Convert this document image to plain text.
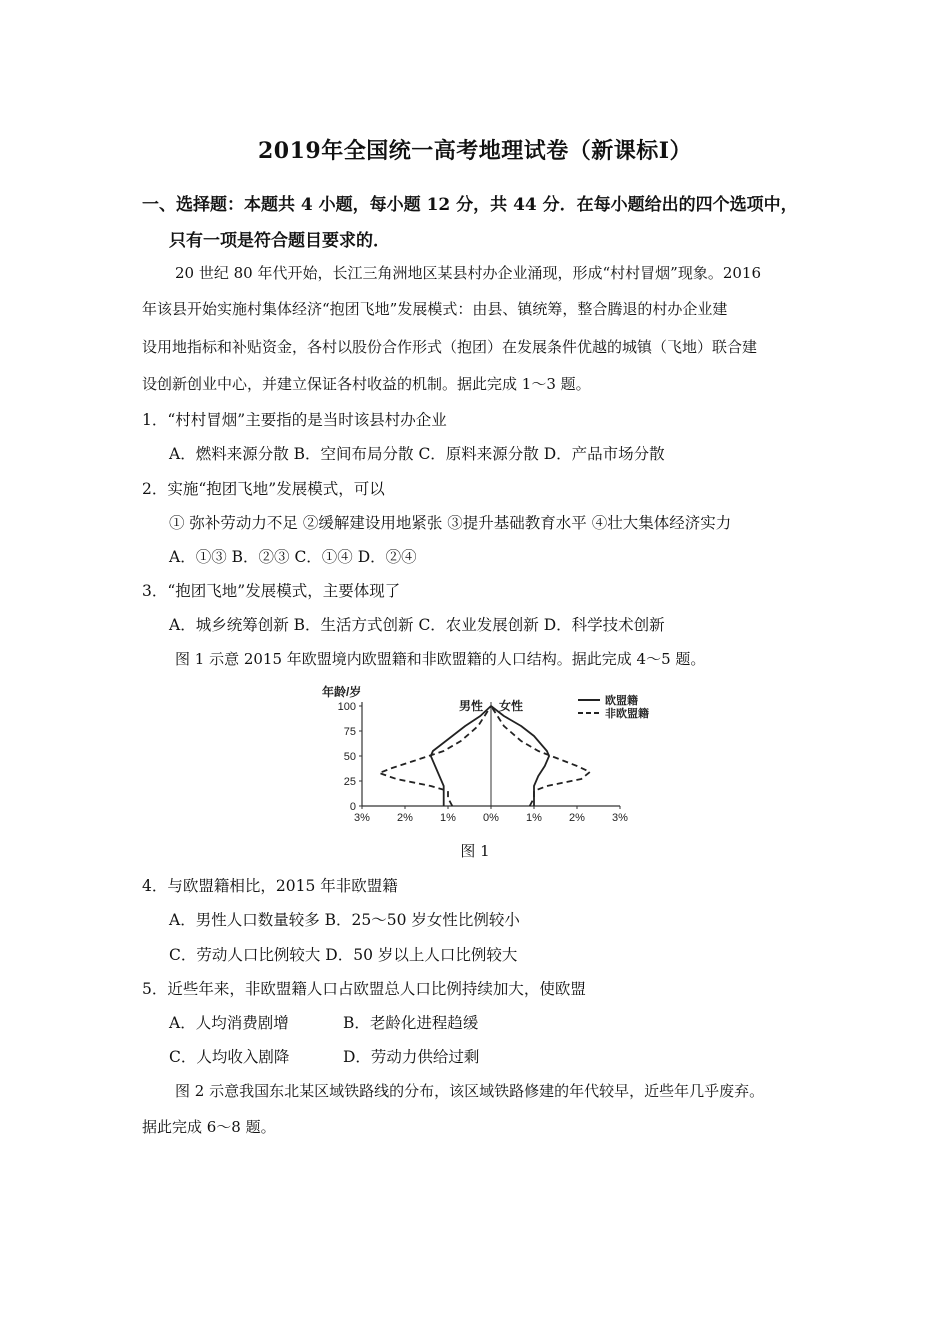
2019年全国统一高考地理试卷（新课标Ⅰ）
一、选择题：本题共 4 小题，每小题 12 分，共 44 分．在每小题给出的四个选项中，
只有一项是符合题目要求的．
20 世纪 80 年代开始，长江三角洲地区某县村办企业涌现，形成“村村冒烟”现象。2016
年该县开始实施村集体经济“抱团飞地”发展模式：由县、镇统筹，整合腾退的村办企业建
设用地指标和补贴资金，各村以股份合作形式（抱团）在发展条件优越的城镇（飞地）联合建
设创新创业中心，并建立保证各村收益的机制。据此完成 1～3 题。
1．“村村冒烟”主要指的是当时该县村办企业
A．燃料来源分散 B．空间布局分散 C．原料来源分散 D．产品市场分散
2．实施“抱团飞地”发展模式，可以
① 弥补劳动力不足 ②缓解建设用地紧张 ③提升基础教育水平 ④壮大集体经济实力
A．①③ B．②③ C．①④ D．②④
3．“抱团飞地”发展模式，主要体现了
A．城乡统筹创新 B．生活方式创新 C．农业发展创新 D．科学技术创新
图 1 示意 2015 年欧盟境内欧盟籍和非欧盟籍的人口结构。据此完成 4～5 题。
0
25
50
75
100
3% 2% 1% 0% 1% 2% 3%
年龄/岁
男性 女性	欧盟籍
非欧盟籍
图 1
4．与欧盟籍相比，2015 年非欧盟籍
A．男性人口数量较多 B．25～50 岁女性比例较小
C．劳动人口比例较大 D．50 岁以上人口比例较大
5．近些年来，非欧盟籍人口占欧盟总人口比例持续加大，使欧盟
A．人均消费剧增	B．老龄化进程趋缓
C．人均收入剧降	D．劳动力供给过剩
图 2 示意我国东北某区域铁路线的分布，该区域铁路修建的年代较早，近些年几乎废弃。
据此完成 6～8 题。
